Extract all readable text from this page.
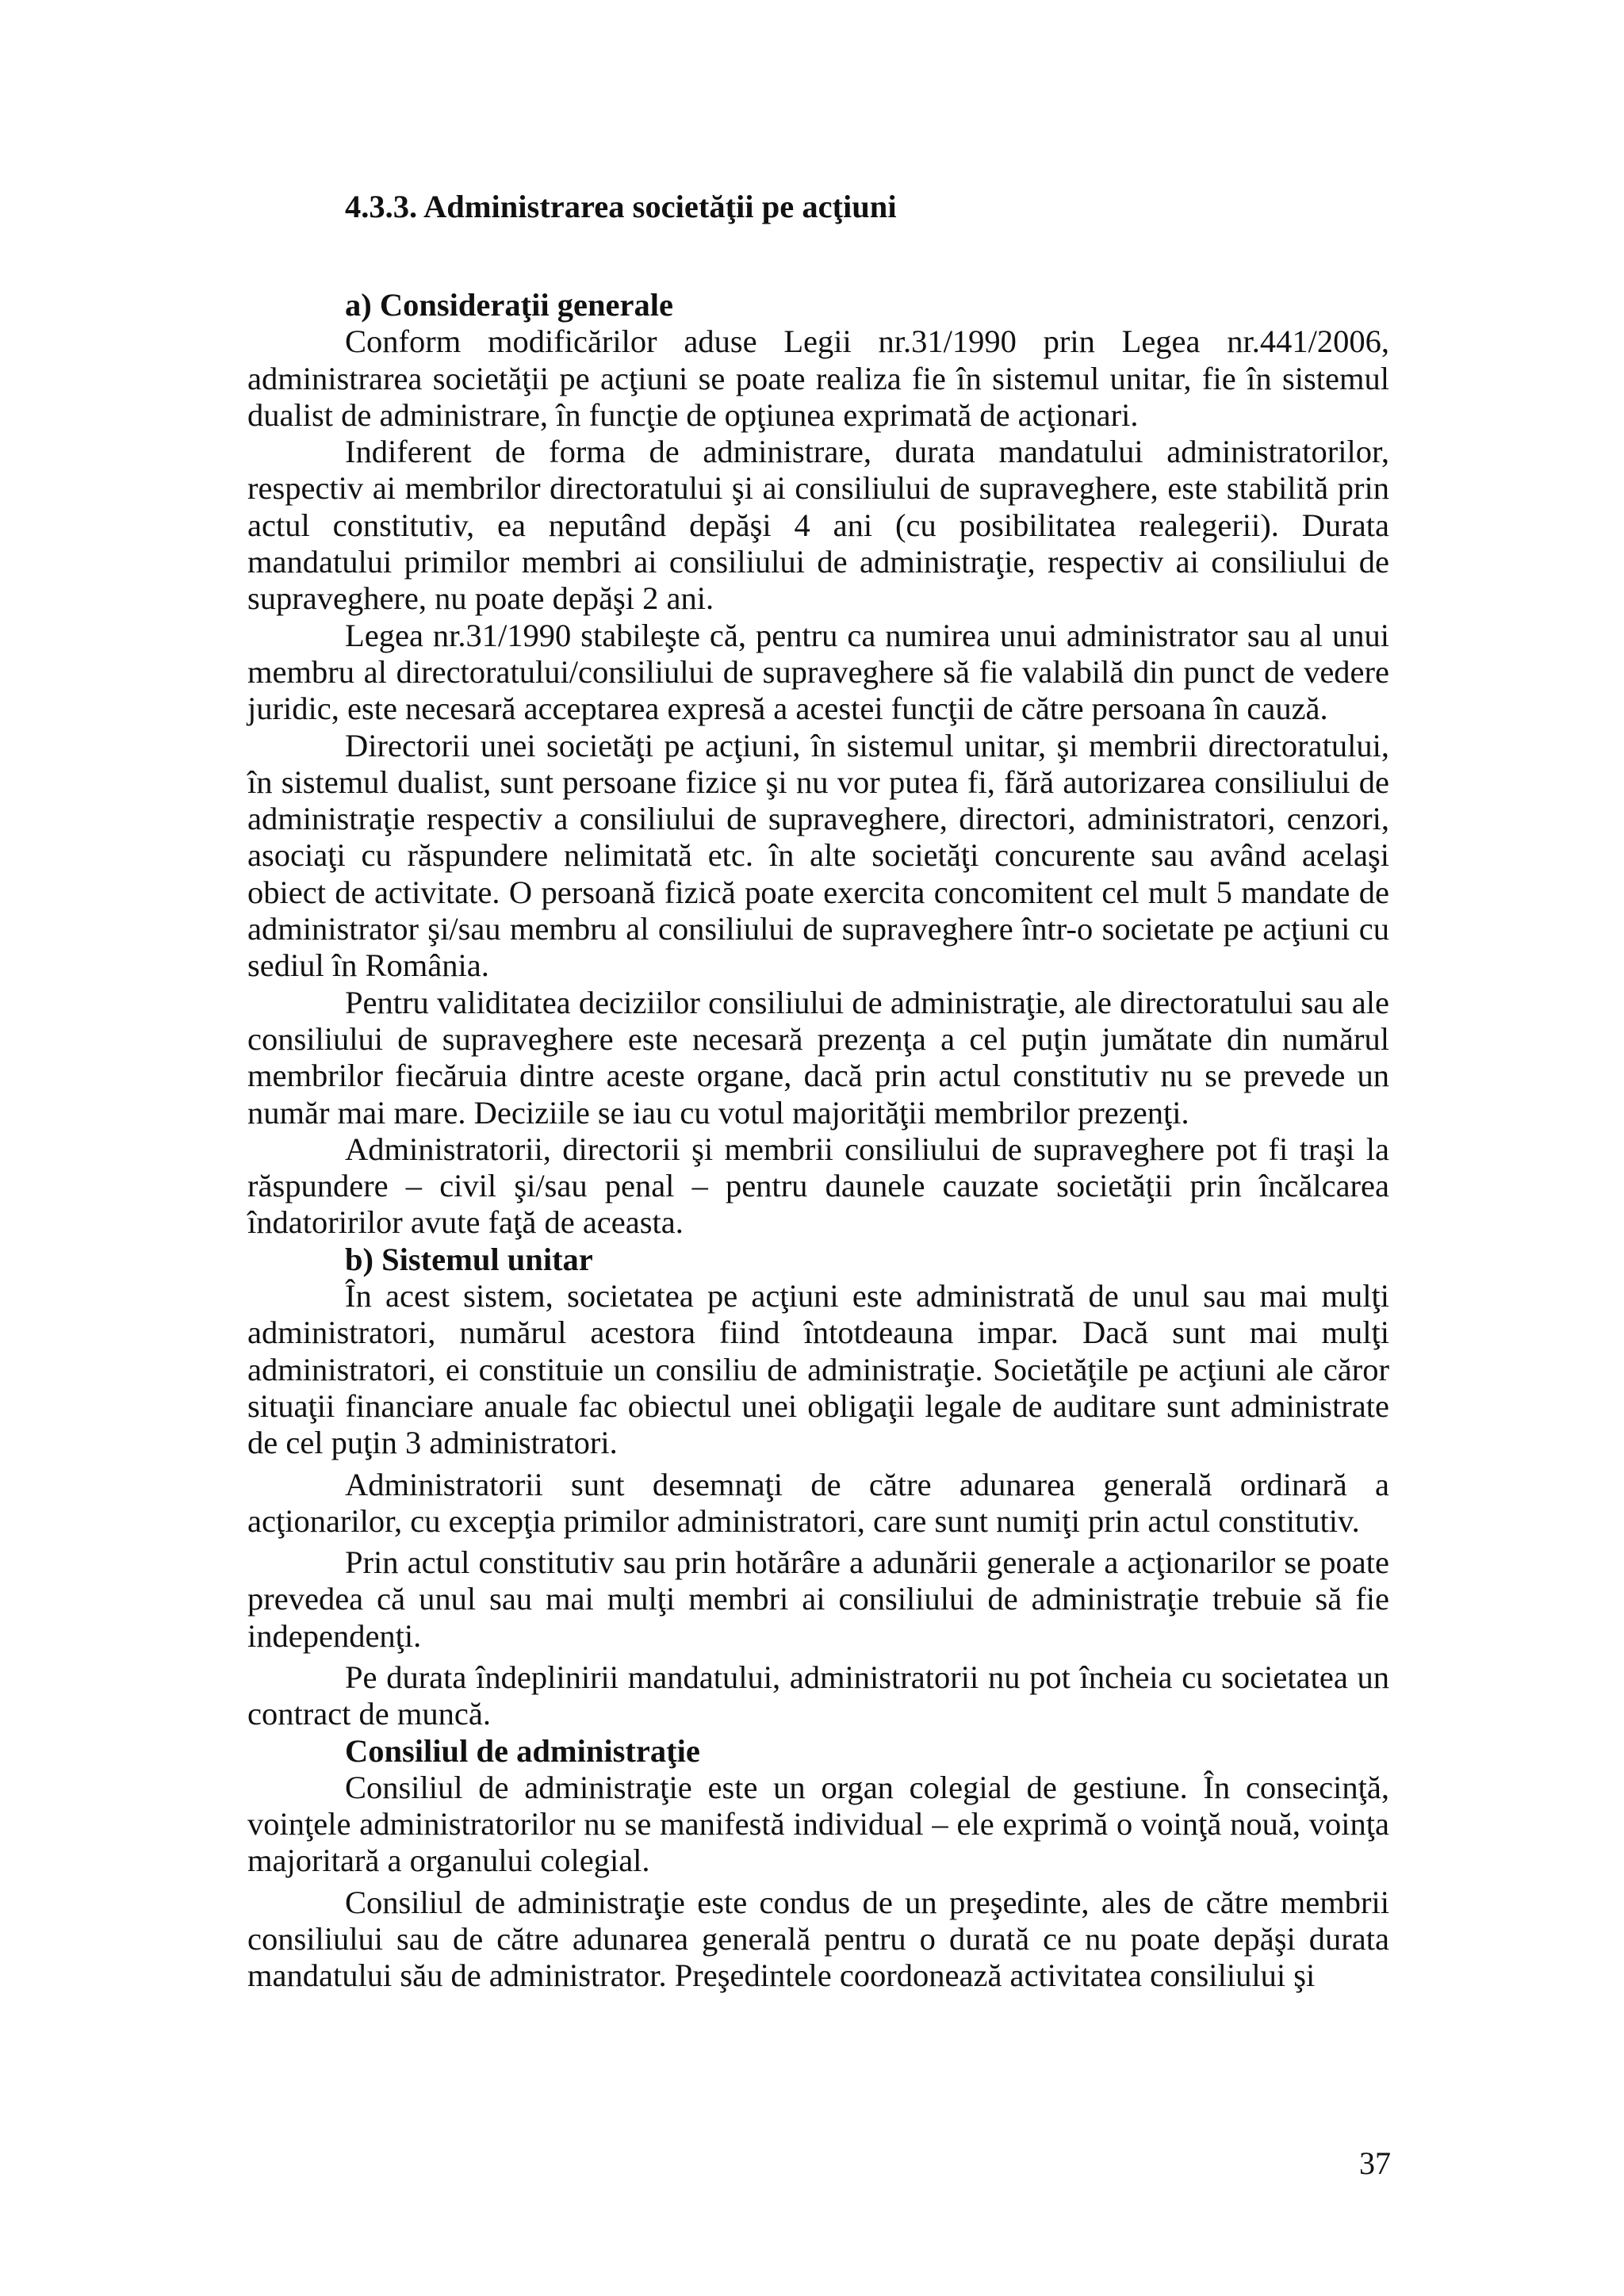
4.3.3. Administrarea societăţii pe acţiuni
a) Consideraţii generale

Conform modificărilor aduse Legii nr.31/1990 prin Legea nr.441/2006, administrarea societăţii pe acţiuni se poate realiza fie în sistemul unitar, fie în sistemul dualist de administrare, în funcţie de opţiunea exprimată de acţionari.

Indiferent de forma de administrare, durata mandatului administratorilor, respectiv ai membrilor directoratului şi ai consiliului de supraveghere, este stabilită prin actul constitutiv, ea neputând depăşi 4 ani (cu posibilitatea realegerii). Durata mandatului primilor membri ai consiliului de administraţie, respectiv ai consiliului de supraveghere, nu poate depăşi 2 ani.

Legea nr.31/1990 stabileşte că, pentru ca numirea unui administrator sau al unui membru al directoratului/consiliului de supraveghere să fie valabilă din punct de vedere juridic, este necesară acceptarea expresă a acestei funcţii de către persoana în cauză.

Directorii unei societăţi pe acţiuni, în sistemul unitar, şi membrii directoratului, în sistemul dualist, sunt persoane fizice şi nu vor putea fi, fără autorizarea consiliului de administraţie respectiv a consiliului de supraveghere, directori, administratori, cenzori, asociaţi cu răspundere nelimitată etc. în alte societăţi concurente sau având acelaşi obiect de activitate. O persoană fizică poate exercita concomitent cel mult 5 mandate de administrator şi/sau membru al consiliului de supraveghere într-o societate pe acţiuni cu sediul în România.

Pentru validitatea deciziilor consiliului de administraţie, ale directoratului sau ale consiliului de supraveghere este necesară prezenţa a cel puţin jumătate din numărul membrilor fiecăruia dintre aceste organe, dacă prin actul constitutiv nu se prevede un număr mai mare. Deciziile se iau cu votul majorităţii membrilor prezenţi.

Administratorii, directorii şi membrii consiliului de supraveghere pot fi traşi la răspundere – civil şi/sau penal – pentru daunele cauzate societăţii prin încălcarea îndatoririlor avute faţă de aceasta.

b) Sistemul unitar

În acest sistem, societatea pe acţiuni este administrată de unul sau mai mulţi administratori, numărul acestora fiind întotdeauna impar. Dacă sunt mai mulţi administratori, ei constituie un consiliu de administraţie. Societăţile pe acţiuni ale căror situaţii financiare anuale fac obiectul unei obligaţii legale de auditare sunt administrate de cel puţin 3 administratori.

Administratorii sunt desemnaţi de către adunarea generală ordinară a acţionarilor, cu excepţia primilor administratori, care sunt numiţi prin actul constitutiv.

Prin actul constitutiv sau prin hotărâre a adunării generale a acţionarilor se poate prevedea că unul sau mai mulţi membri ai consiliului de administraţie trebuie să fie independenţi.

Pe durata îndeplinirii mandatului, administratorii nu pot încheia cu societatea un contract de muncă.

Consiliul de administraţie

Consiliul de administraţie este un organ colegial de gestiune. În consecinţă, voinţele administratorilor nu se manifestă individual – ele exprimă o voinţă nouă, voinţa majoritară a organului colegial.

Consiliul de administraţie este condus de un preşedinte, ales de către membrii consiliului sau de către adunarea generală pentru o durată ce nu poate depăşi durata mandatului său de administrator. Preşedintele coordonează activitatea consiliului şi

37
